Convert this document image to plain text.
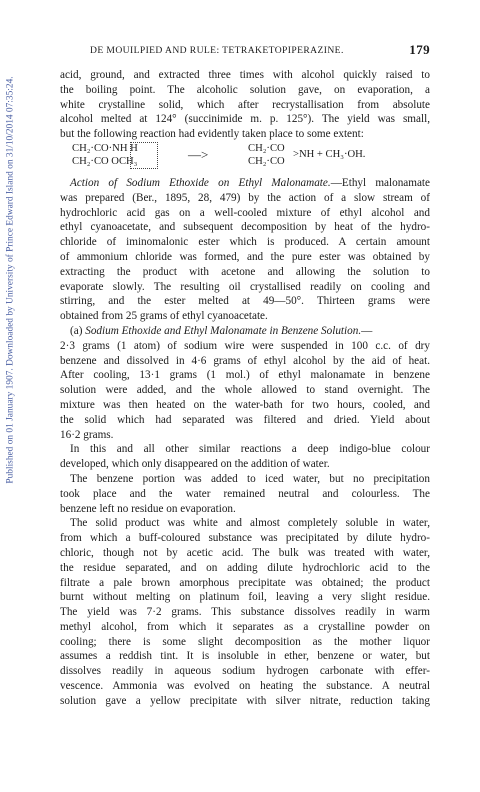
Published on 01 January 1907. Downloaded by University of Prince Edward Island on 31/10/2014 07:35:24.
DE MOUILPIED AND RULE: TETRAKETOPIPERAZINE.	179
acid, ground, and extracted three times with alcohol quickly raised to
the boiling point. The alcoholic solution gave, on evaporation, a
white crystalline solid, which after recrystallisation from absolute
alcohol melted at 124° (succinimide m. p. 125°). The yield was small,
but the following reaction had evidently taken place to some extent:
CH₂·CO·NH H
CH₂·CO OCH₃	—>	CH₂·CO
CH₂·CO
>NH + CH₃·OH.
Action of Sodium Ethoxide on Ethyl Malonamate.—Ethyl malonamate
was prepared (Ber., 1895, 28, 479) by the action of a slow stream of
hydrochloric acid gas on a well-cooled mixture of ethyl alcohol and
ethyl cyanoacetate, and subsequent decomposition by heat of the hydro-
chloride of iminomalonic ester which is produced. A certain amount
of ammonium chloride was formed, and the pure ester was obtained by
extracting the product with acetone and allowing the solution to
evaporate slowly. The resulting oil crystallised readily on cooling and
stirring, and the ester melted at 49—50°. Thirteen grams were
obtained from 25 grams of ethyl cyanoacetate.
(a) Sodium Ethoxide and Ethyl Malonamate in Benzene Solution.—
2·3 grams (1 atom) of sodium wire were suspended in 100 c.c. of dry
benzene and dissolved in 4·6 grams of ethyl alcohol by the aid of heat.
After cooling, 13·1 grams (1 mol.) of ethyl malonamate in benzene
solution were added, and the whole allowed to stand overnight. The
mixture was then heated on the water-bath for two hours, cooled, and
the solid which had separated was filtered and dried. Yield about
16·2 grams.
In this and all other similar reactions a deep indigo-blue colour
developed, which only disappeared on the addition of water.
The benzene portion was added to iced water, but no precipitation
took place and the water remained neutral and colourless. The
benzene left no residue on evaporation.
The solid product was white and almost completely soluble in water,
from which a buff-coloured substance was precipitated by dilute hydro-
chloric, though not by acetic acid. The bulk was treated with water,
the residue separated, and on adding dilute hydrochloric acid to the
filtrate a pale brown amorphous precipitate was obtained; the product
burnt without melting on platinum foil, leaving a very slight residue.
The yield was 7·2 grams. This substance dissolves readily in warm
methyl alcohol, from which it separates as a crystalline powder on
cooling; there is some slight decomposition as the mother liquor
assumes a reddish tint. It is insoluble in ether, benzene or water, but
dissolves readily in aqueous sodium hydrogen carbonate with effer-
vescence. Ammonia was evolved on heating the substance. A neutral
solution gave a yellow precipitate with silver nitrate, reduction taking
